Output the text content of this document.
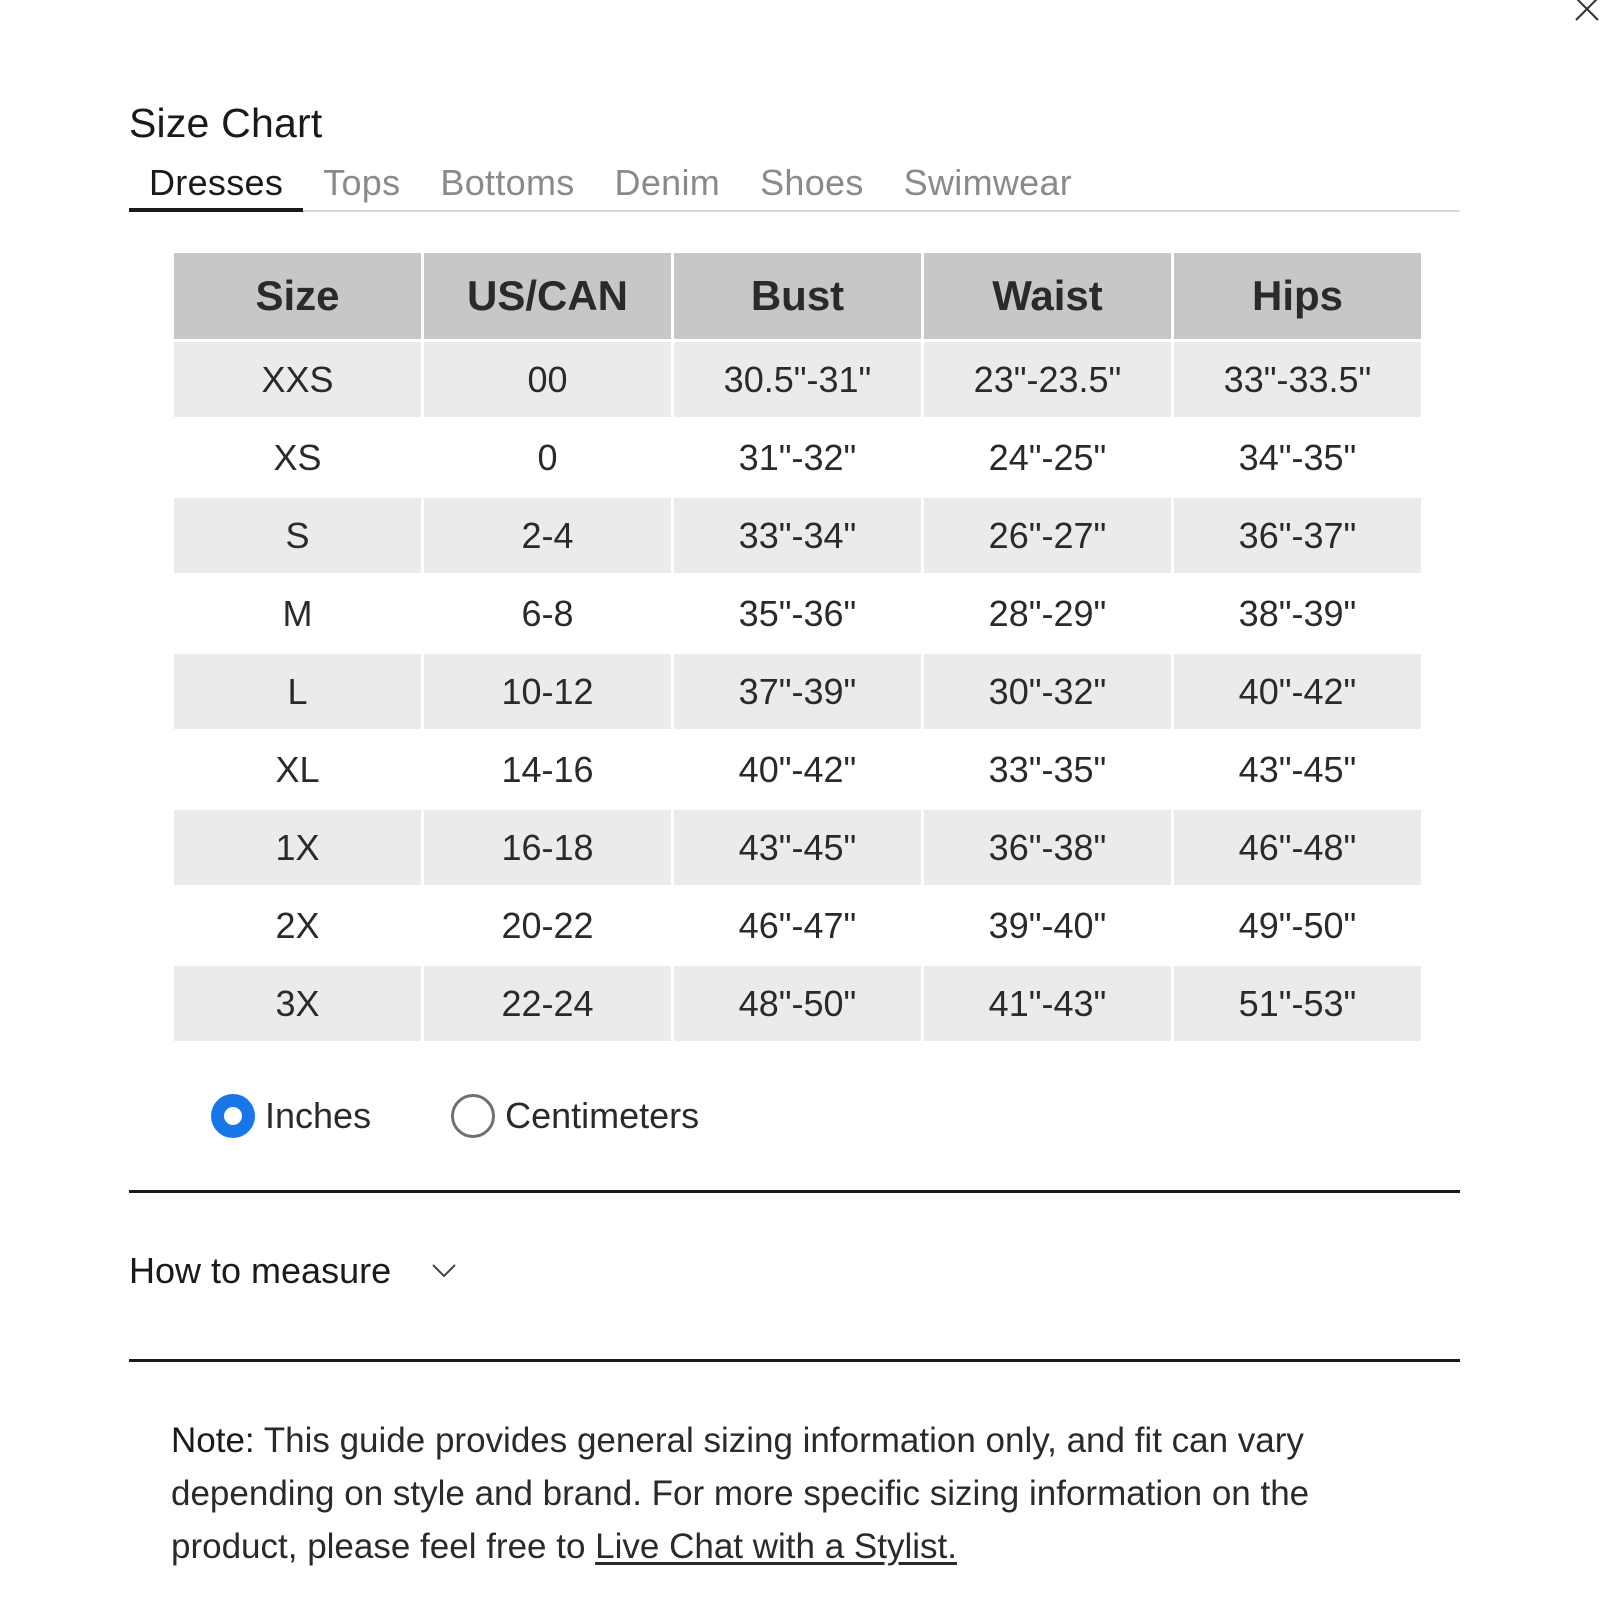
Size Chart
Dresses	Tops	Bottoms	Denim	Shoes	Swimwear
Size	US/CAN	Bust	Waist	Hips
XXS	00	30.5"-31"	23"-23.5"	33"-33.5"
XS	0	31"-32"	24"-25"	34"-35"
S	2-4	33"-34"	26"-27"	36"-37"
M	6-8	35"-36"	28"-29"	38"-39"
L	10-12	37"-39"	30"-32"	40"-42"
XL	14-16	40"-42"	33"-35"	43"-45"
1X	16-18	43"-45"	36"-38"	46"-48"
2X	20-22	46"-47"	39"-40"	49"-50"
3X	22-24	48"-50"	41"-43"	51"-53"
Inches	Centimeters
How to measure

Note: This guide provides general sizing information only, and fit can vary depending on style and brand. For more specific sizing information on the product, please feel free to Live Chat with a Stylist.
